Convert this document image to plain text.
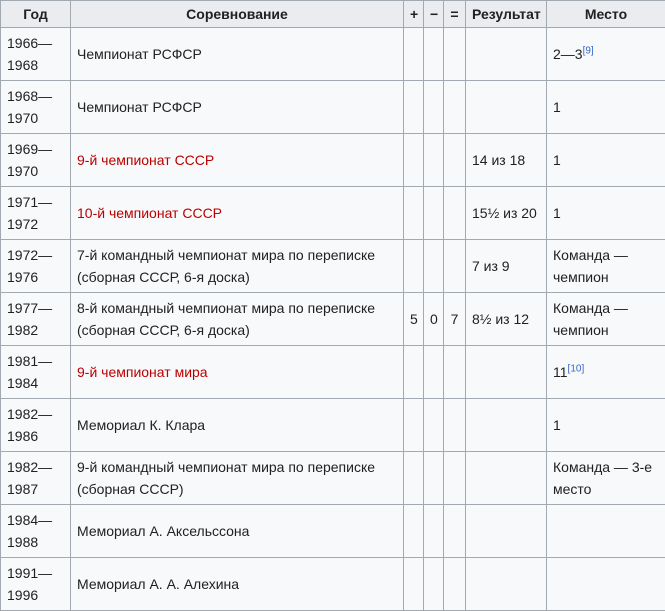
Год	Соревнование	+	−	=	Результат	Место
1966—1968	Чемпионат РСФСР					2—3[9]
1968—1970	Чемпионат РСФСР					1
1969—1970	9-й чемпионат СССР				14 из 18	1
1971—1972	10-й чемпионат СССР				15½ из 20	1
1972—1976	7-й командный чемпионат мира по переписке (сборная СССР, 6-я доска)				7 из 9	Команда — чемпион
1977—1982	8-й командный чемпионат мира по переписке (сборная СССР, 6-я доска)	5	0	7	8½ из 12	Команда — чемпион
1981—1984	9-й чемпионат мира					11[10]
1982—1986	Мемориал К. Клара					1
1982—1987	9-й командный чемпионат мира по переписке (сборная СССР)					Команда — 3-е место
1984—1988	Мемориал А. Аксельссона					
1991—1996	Мемориал А. А. Алехина					
